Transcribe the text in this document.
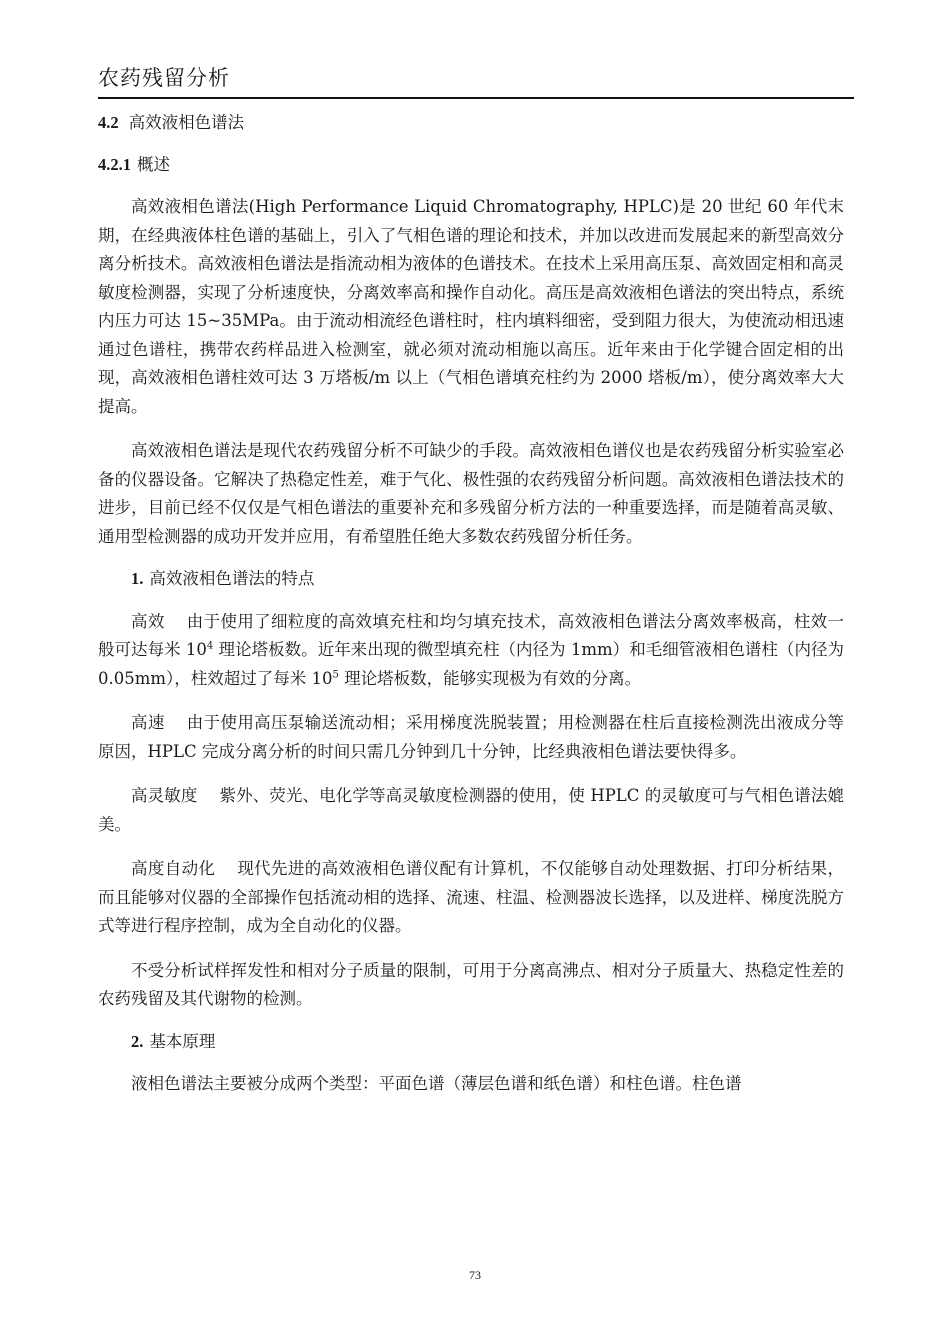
农药残留分析
4.2 高效液相色谱法
4.2.1 概述

高效液相色谱法(High Performance Liquid Chromatography, HPLC)是 20 世纪 60 年代末期，在经典液体柱色谱的基础上，引入了气相色谱的理论和技术，并加以改进而发展起来的新型高效分离分析技术。高效液相色谱法是指流动相为液体的色谱技术。在技术上采用高压泵、高效固定相和高灵敏度检测器，实现了分析速度快，分离效率高和操作自动化。高压是高效液相色谱法的突出特点，系统内压力可达 15~35MPa。由于流动相流经色谱柱时，柱内填料细密，受到阻力很大，为使流动相迅速通过色谱柱，携带农药样品进入检测室，就必须对流动相施以高压。近年来由于化学键合固定相的出现，高效液相色谱柱效可达 3 万塔板/m 以上（气相色谱填充柱约为 2000 塔板/m），使分离效率大大提高。

高效液相色谱法是现代农药残留分析不可缺少的手段。高效液相色谱仪也是农药残留分析实验室必备的仪器设备。它解决了热稳定性差，难于气化、极性强的农药残留分析问题。高效液相色谱法技术的进步，目前已经不仅仅是气相色谱法的重要补充和多残留分析方法的一种重要选择，而是随着高灵敏、通用型检测器的成功开发并应用，有希望胜任绝大多数农药残留分析任务。

1. 高效液相色谱法的特点

高效 由于使用了细粒度的高效填充柱和均匀填充技术，高效液相色谱法分离效率极高，柱效一般可达每米 $10^4$ 理论塔板数。近年来出现的微型填充柱（内径为 1mm）和毛细管液相色谱柱（内径为 0.05mm），柱效超过了每米 $10^5$ 理论塔板数，能够实现极为有效的分离。

高速 由于使用高压泵输送流动相；采用梯度洗脱装置；用检测器在柱后直接检测洗出液成分等原因，HPLC 完成分离分析的时间只需几分钟到几十分钟，比经典液相色谱法要快得多。

高灵敏度 紫外、荧光、电化学等高灵敏度检测器的使用，使 HPLC 的灵敏度可与气相色谱法媲美。

高度自动化 现代先进的高效液相色谱仪配有计算机，不仅能够自动处理数据、打印分析结果，而且能够对仪器的全部操作包括流动相的选择、流速、柱温、检测器波长选择，以及进样、梯度洗脱方式等进行程序控制，成为全自动化的仪器。

不受分析试样挥发性和相对分子质量的限制，可用于分离高沸点、相对分子质量大、热稳定性差的农药残留及其代谢物的检测。

2. 基本原理

液相色谱法主要被分成两个类型：平面色谱（薄层色谱和纸色谱）和柱色谱。柱色谱

73
